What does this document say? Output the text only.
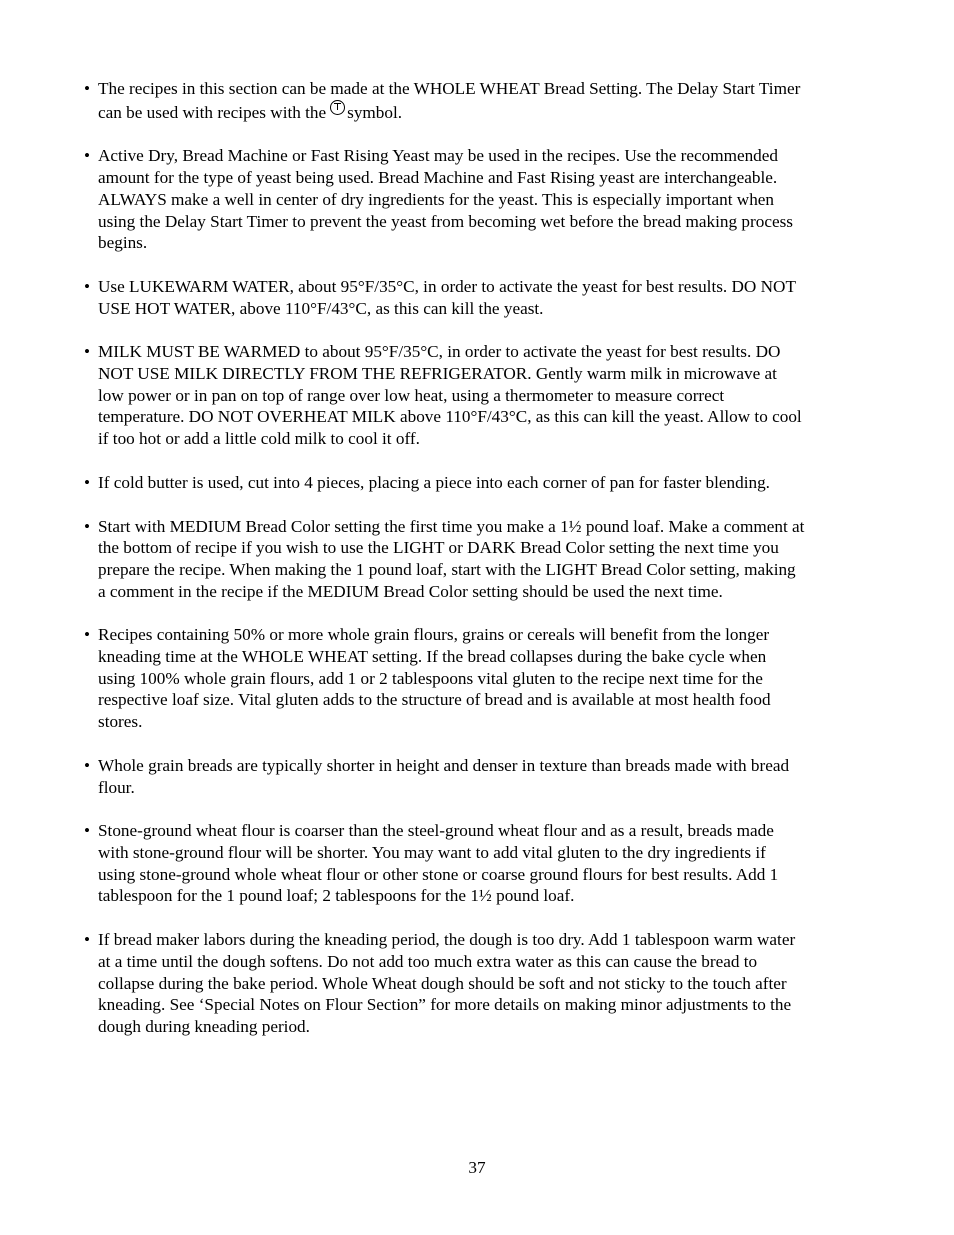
• The recipes in this section can be made at the WHOLE WHEAT Bread Setting. The Delay Start Timer
can be used with recipes with the symbol.
• Active Dry, Bread Machine or Fast Rising Yeast may be used in the recipes. Use the recommended
amount for the type of yeast being used. Bread Machine and Fast Rising yeast are interchangeable.
ALWAYS make a well in center of dry ingredients for the yeast. This is especially important when
using the Delay Start Timer to prevent the yeast from becoming wet before the bread making process
begins.
• Use LUKEWARM WATER, about 95°F/35°C, in order to activate the yeast for best results. DO NOT
USE HOT WATER, above 110°F/43°C, as this can kill the yeast.
• MILK MUST BE WARMED to about 95°F/35°C, in order to activate the yeast for best results. DO
NOT USE MILK DIRECTLY FROM THE REFRIGERATOR. Gently warm milk in microwave at
low power or in pan on top of range over low heat, using a thermometer to measure correct
temperature. DO NOT OVERHEAT MILK above 110°F/43°C, as this can kill the yeast. Allow to cool
if too hot or add a little cold milk to cool it off.
• If cold butter is used, cut into 4 pieces, placing a piece into each corner of pan for faster blending.
• Start with MEDIUM Bread Color setting the first time you make a 1½ pound loaf. Make a comment at
the bottom of recipe if you wish to use the LIGHT or DARK Bread Color setting the next time you
prepare the recipe. When making the 1 pound loaf, start with the LIGHT Bread Color setting, making
a comment in the recipe if the MEDIUM Bread Color setting should be used the next time.
• Recipes containing 50% or more whole grain flours, grains or cereals will benefit from the longer
kneading time at the WHOLE WHEAT setting. If the bread collapses during the bake cycle when
using 100% whole grain flours, add 1 or 2 tablespoons vital gluten to the recipe next time for the
respective loaf size. Vital gluten adds to the structure of bread and is available at most health food
stores.
• Whole grain breads are typically shorter in height and denser in texture than breads made with bread
flour.
• Stone-ground wheat flour is coarser than the steel-ground wheat flour and as a result, breads made
with stone-ground flour will be shorter. You may want to add vital gluten to the dry ingredients if
using stone-ground whole wheat flour or other stone or coarse ground flours for best results. Add 1
tablespoon for the 1 pound loaf; 2 tablespoons for the 1½ pound loaf.
• If bread maker labors during the kneading period, the dough is too dry. Add 1 tablespoon warm water
at a time until the dough softens. Do not add too much extra water as this can cause the bread to
collapse during the bake period. Whole Wheat dough should be soft and not sticky to the touch after
kneading. See ‘Special Notes on Flour Section” for more details on making minor adjustments to the
dough during kneading period.
37
